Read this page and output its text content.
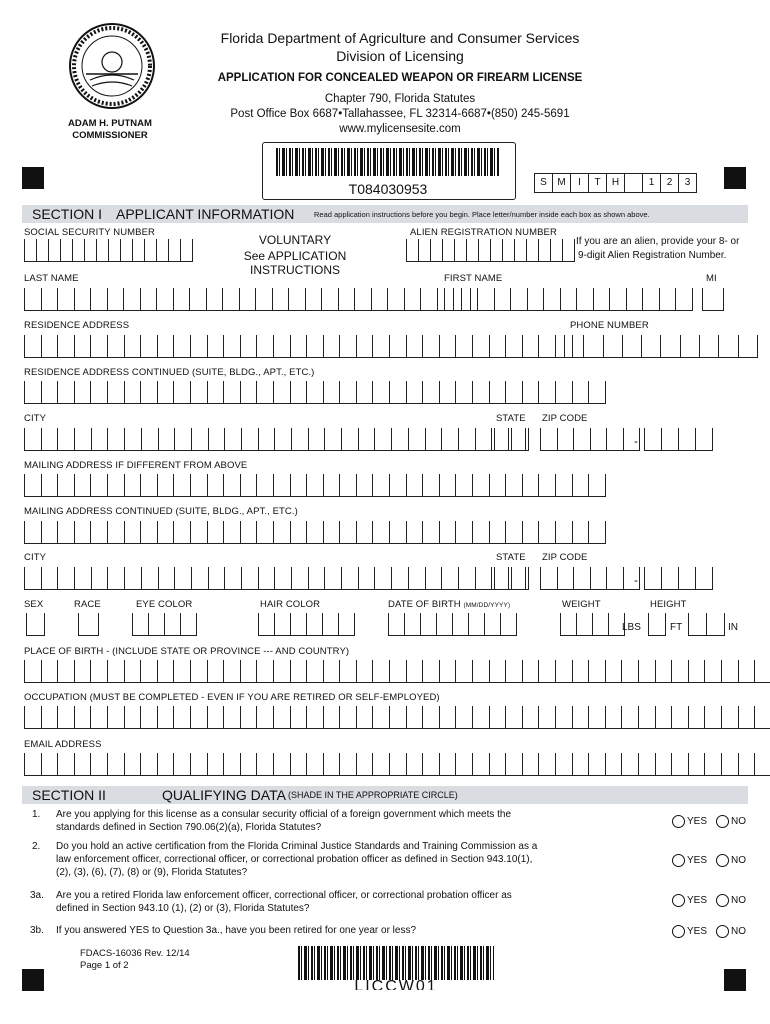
ADAM H. PUTNAM
COMMISSIONER
Florida Department of Agriculture and Consumer Services
Division of Licensing
APPLICATION FOR CONCEALED WEAPON OR FIREARM LICENSE
Chapter 790, Florida Statutes
Post Office Box 6687•Tallahassee, FL 32314-6687•(850) 245-5691
www.mylicensesite.com
T084030953	S	M	I	T	H	1	2	3
SECTION I APPLICANT INFORMATION	Read application instructions before you begin. Place letter/number inside each box as shown above.
SOCIAL SECURITY NUMBER
VOLUNTARY
See APPLICATION INSTRUCTIONS
ALIEN REGISTRATION NUMBER
If you are an alien, provide your 8- or
9-digit Alien Registration Number.
LAST NAME	FIRST NAME	MI
RESIDENCE ADDRESS	PHONE NUMBER
RESIDENCE ADDRESS CONTINUED (SUITE, BLDG., APT., ETC.)
CITY	STATE ZIP CODE
-
MAILING ADDRESS IF DIFFERENT FROM ABOVE
MAILING ADDRESS CONTINUED (SUITE, BLDG., APT., ETC.)
CITY	STATE ZIP CODE
-
SEX	RACE	EYE COLOR	HAIR COLOR	DATE OF BIRTH (MM/DD/YYYY)	WEIGHT	HEIGHT
LBS	FT	IN
PLACE OF BIRTH - (INCLUDE STATE OR PROVINCE --- AND COUNTRY)
OCCUPATION (MUST BE COMPLETED - EVEN IF YOU ARE RETIRED OR SELF-EMPLOYED)
EMAIL ADDRESS
SECTION II	QUALIFYING DATA (SHADE IN THE APPROPRIATE CIRCLE)
1. Are you applying for this license as a consular security official of a foreign government which meets the
standards defined in Section 790.06(2)(a), Florida Statutes?
2. Do you hold an active certification from the Florida Criminal Justice Standards and Training Commission as a
law enforcement officer, correctional officer, or correctional probation officer as defined in Section 943.10(1),
(2), (3), (6), (7), (8) or (9), Florida Statutes?
3a. Are you a retired Florida law enforcement officer, correctional officer, or correctional probation officer as
defined in Section 943.10 (1), (2) or (3), Florida Statutes?
3b. If you answered YES to Question 3a., have you been retired for one year or less?
YES NO
YES NO
YES NO
YES NO
FDACS-16036 Rev. 12/14
Page 1 of 2
LICCW01
